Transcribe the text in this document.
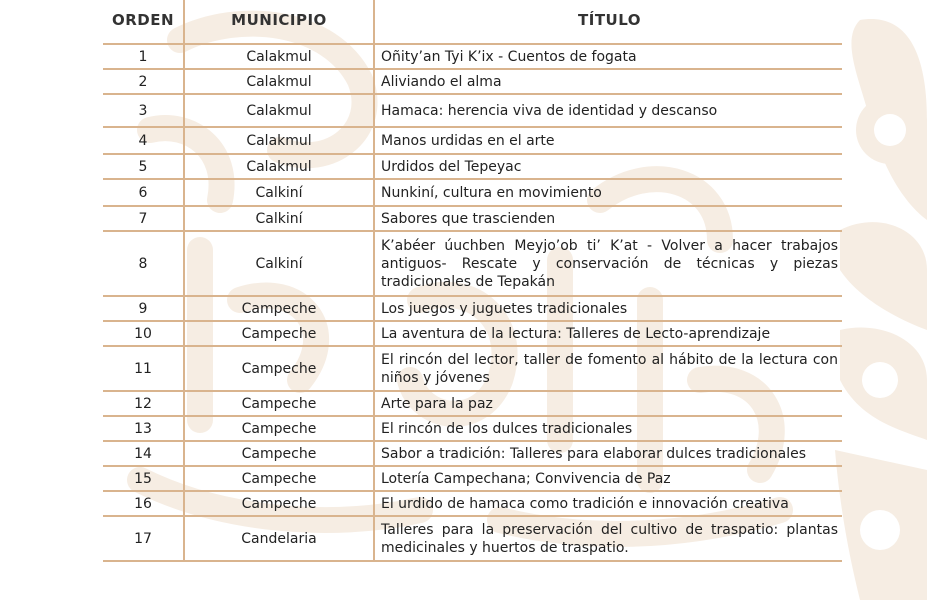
ORDEN	MUNICIPIO	TÍTULO
1	Calakmul	Oñity’an Tyi K’ix - Cuentos de fogata
2	Calakmul	Aliviando el alma
3	Calakmul	Hamaca: herencia viva de identidad y descanso
4	Calakmul	Manos urdidas en el arte
5	Calakmul	Urdidos del Tepeyac
6	Calkiní	Nunkiní, cultura en movimiento
7	Calkiní	Sabores que trascienden
8	Calkiní	K’abéer úuchben Meyjo’ob ti’ K’at - Volver a hacer trabajos antiguos- Rescate y conservación de técnicas y piezas tradicionales de Tepakán
9	Campeche	Los juegos y juguetes tradicionales
10	Campeche	La aventura de la lectura: Talleres de Lecto-aprendizaje
11	Campeche	El rincón del lector, taller de fomento al hábito de la lectura con niños y jóvenes
12	Campeche	Arte para la paz
13	Campeche	El rincón de los dulces tradicionales
14	Campeche	Sabor a tradición: Talleres para elaborar dulces tradicionales
15	Campeche	Lotería Campechana; Convivencia de Paz
16	Campeche	El urdido de hamaca como tradición e innovación creativa
17	Candelaria	Talleres para la preservación del cultivo de traspatio: plantas medicinales y huertos de traspatio.
